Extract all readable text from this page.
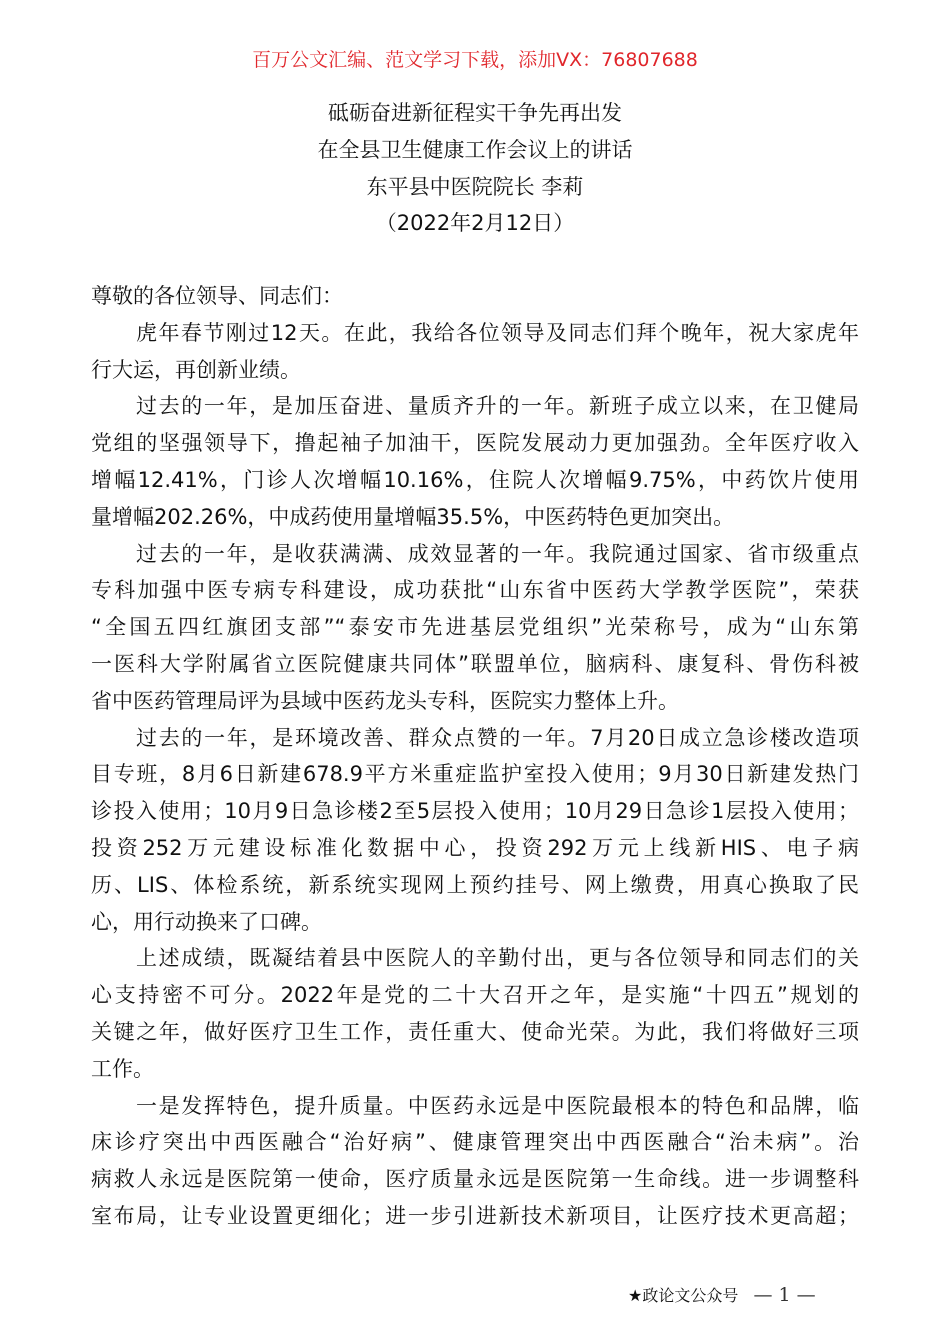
百万公文汇编、范文学习下载，添加VX：76807688
砥砺奋进新征程实干争先再出发
在全县卫生健康工作会议上的讲话
东平县中医院院长 李莉
（2022年2月12日）
尊敬的各位领导、同志们：
虎年春节刚过12天。在此，我给各位领导及同志们拜个晚年，祝大家虎年
行大运，再创新业绩。
过去的一年，是加压奋进、量质齐升的一年。新班子成立以来，在卫健局
党组的坚强领导下，撸起袖子加油干，医院发展动力更加强劲。全年医疗收入
增幅12.41%，门诊人次增幅10.16%，住院人次增幅9.75%，中药饮片使用
量增幅202.26%，中成药使用量增幅35.5%，中医药特色更加突出。
过去的一年，是收获满满、成效显著的一年。我院通过国家、省市级重点
专科加强中医专病专科建设，成功获批“山东省中医药大学教学医院”，荣获
“全国五四红旗团支部”“泰安市先进基层党组织”光荣称号，成为“山东第
一医科大学附属省立医院健康共同体”联盟单位，脑病科、康复科、骨伤科被
省中医药管理局评为县域中医药龙头专科，医院实力整体上升。
过去的一年，是环境改善、群众点赞的一年。7月20日成立急诊楼改造项
目专班，8月6日新建678.9平方米重症监护室投入使用；9月30日新建发热门
诊投入使用；10月9日急诊楼2至5层投入使用；10月29日急诊1层投入使用；
投资252万元建设标准化数据中心，投资292万元上线新HIS、电子病
历、LIS、体检系统，新系统实现网上预约挂号、网上缴费，用真心换取了民
心，用行动换来了口碑。
上述成绩，既凝结着县中医院人的辛勤付出，更与各位领导和同志们的关
心支持密不可分。2022年是党的二十大召开之年，是实施“十四五”规划的
关键之年，做好医疗卫生工作，责任重大、使命光荣。为此，我们将做好三项
工作。
一是发挥特色，提升质量。中医药永远是中医院最根本的特色和品牌，临
床诊疗突出中西医融合“治好病”、健康管理突出中西医融合“治未病”。治
病救人永远是医院第一使命，医疗质量永远是医院第一生命线。进一步调整科
室布局，让专业设置更细化；进一步引进新技术新项目，让医疗技术更高超；
★政论文公众号 — 1 —
